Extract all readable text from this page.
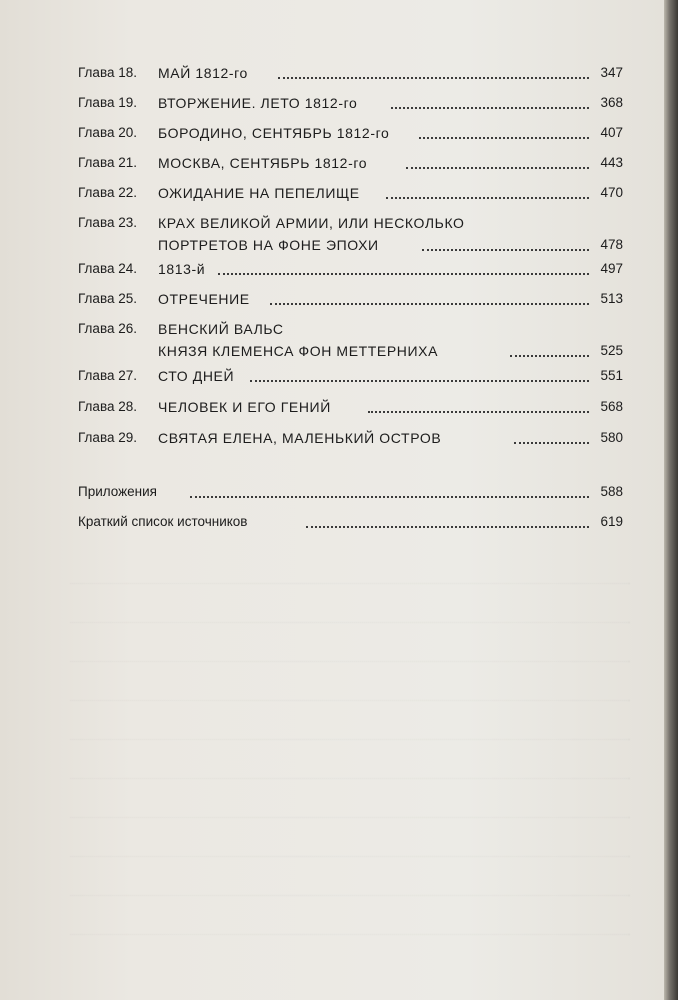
Глава 18. МАЙ 1812-го	347
Глава 19. ВТОРЖЕНИЕ. ЛЕТО 1812-го	368
Глава 20. БОРОДИНО, СЕНТЯБРЬ 1812-го	407
Глава 21. МОСКВА, СЕНТЯБРЬ 1812-го	443
Глава 22. ОЖИДАНИЕ НА ПЕПЕЛИЩЕ	470
Глава 23. КРАХ ВЕЛИКОЙ АРМИИ, ИЛИ НЕСКОЛЬКО
ПОРТРЕТОВ НА ФОНЕ ЭПОХИ	478
Глава 24. 1813-й	497
Глава 25. ОТРЕЧЕНИЕ	513
Глава 26. ВЕНСКИЙ ВАЛЬС
КНЯЗЯ КЛЕМЕНСА ФОН МЕТТЕРНИХА	525
Глава 27. СТО ДНЕЙ	551
Глава 28. ЧЕЛОВЕК И ЕГО ГЕНИЙ	568
Глава 29. СВЯТАЯ ЕЛЕНА, МАЛЕНЬКИЙ ОСТРОВ	580
Приложения	588
Краткий список источников	619
